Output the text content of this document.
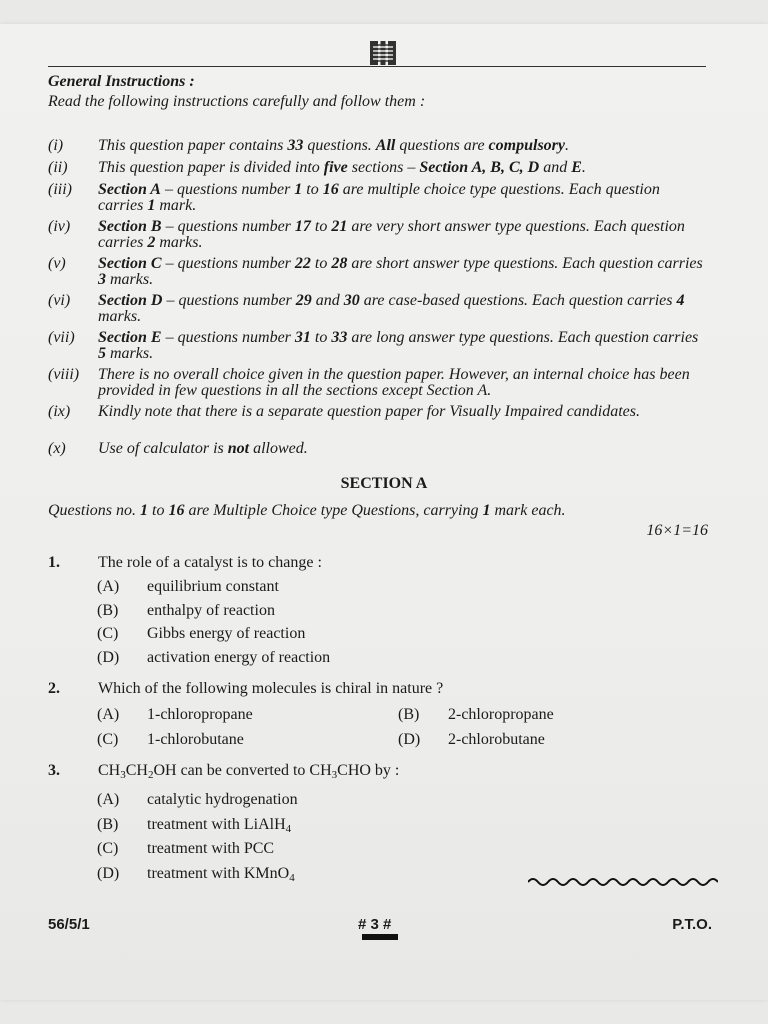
General Instructions :
Read the following instructions carefully and follow them :
(i) This question paper contains 33 questions. All questions are compulsory.
(ii) This question paper is divided into five sections – Section A, B, C, D and E.
(iii) Section A – questions number 1 to 16 are multiple choice type questions. Each question carries 1 mark.
(iv) Section B – questions number 17 to 21 are very short answer type questions. Each question carries 2 marks.
(v) Section C – questions number 22 to 28 are short answer type questions. Each question carries 3 marks.
(vi) Section D – questions number 29 and 30 are case-based questions. Each question carries 4 marks.
(vii) Section E – questions number 31 to 33 are long answer type questions. Each question carries 5 marks.
(viii) There is no overall choice given in the question paper. However, an internal choice has been provided in few questions in all the sections except Section A.
(ix) Kindly note that there is a separate question paper for Visually Impaired candidates.
(x) Use of calculator is not allowed.
SECTION A
Questions no. 1 to 16 are Multiple Choice type Questions, carrying 1 mark each.
16×1=16
1. The role of a catalyst is to change :
(A) equilibrium constant
(B) enthalpy of reaction
(C) Gibbs energy of reaction
(D) activation energy of reaction
2. Which of the following molecules is chiral in nature ?
(A) 1-chloropropane	(B) 2-chloropropane
(C) 1-chlorobutane	(D) 2-chlorobutane
3. $CH_3CH_2OH$ can be converted to $CH_3CHO$ by :
(A) catalytic hydrogenation
(B) treatment with LiAlH$_4$
(C) treatment with PCC
(D) treatment with KMnO$_4$
56/5/1	# 3 #	P.T.O.
